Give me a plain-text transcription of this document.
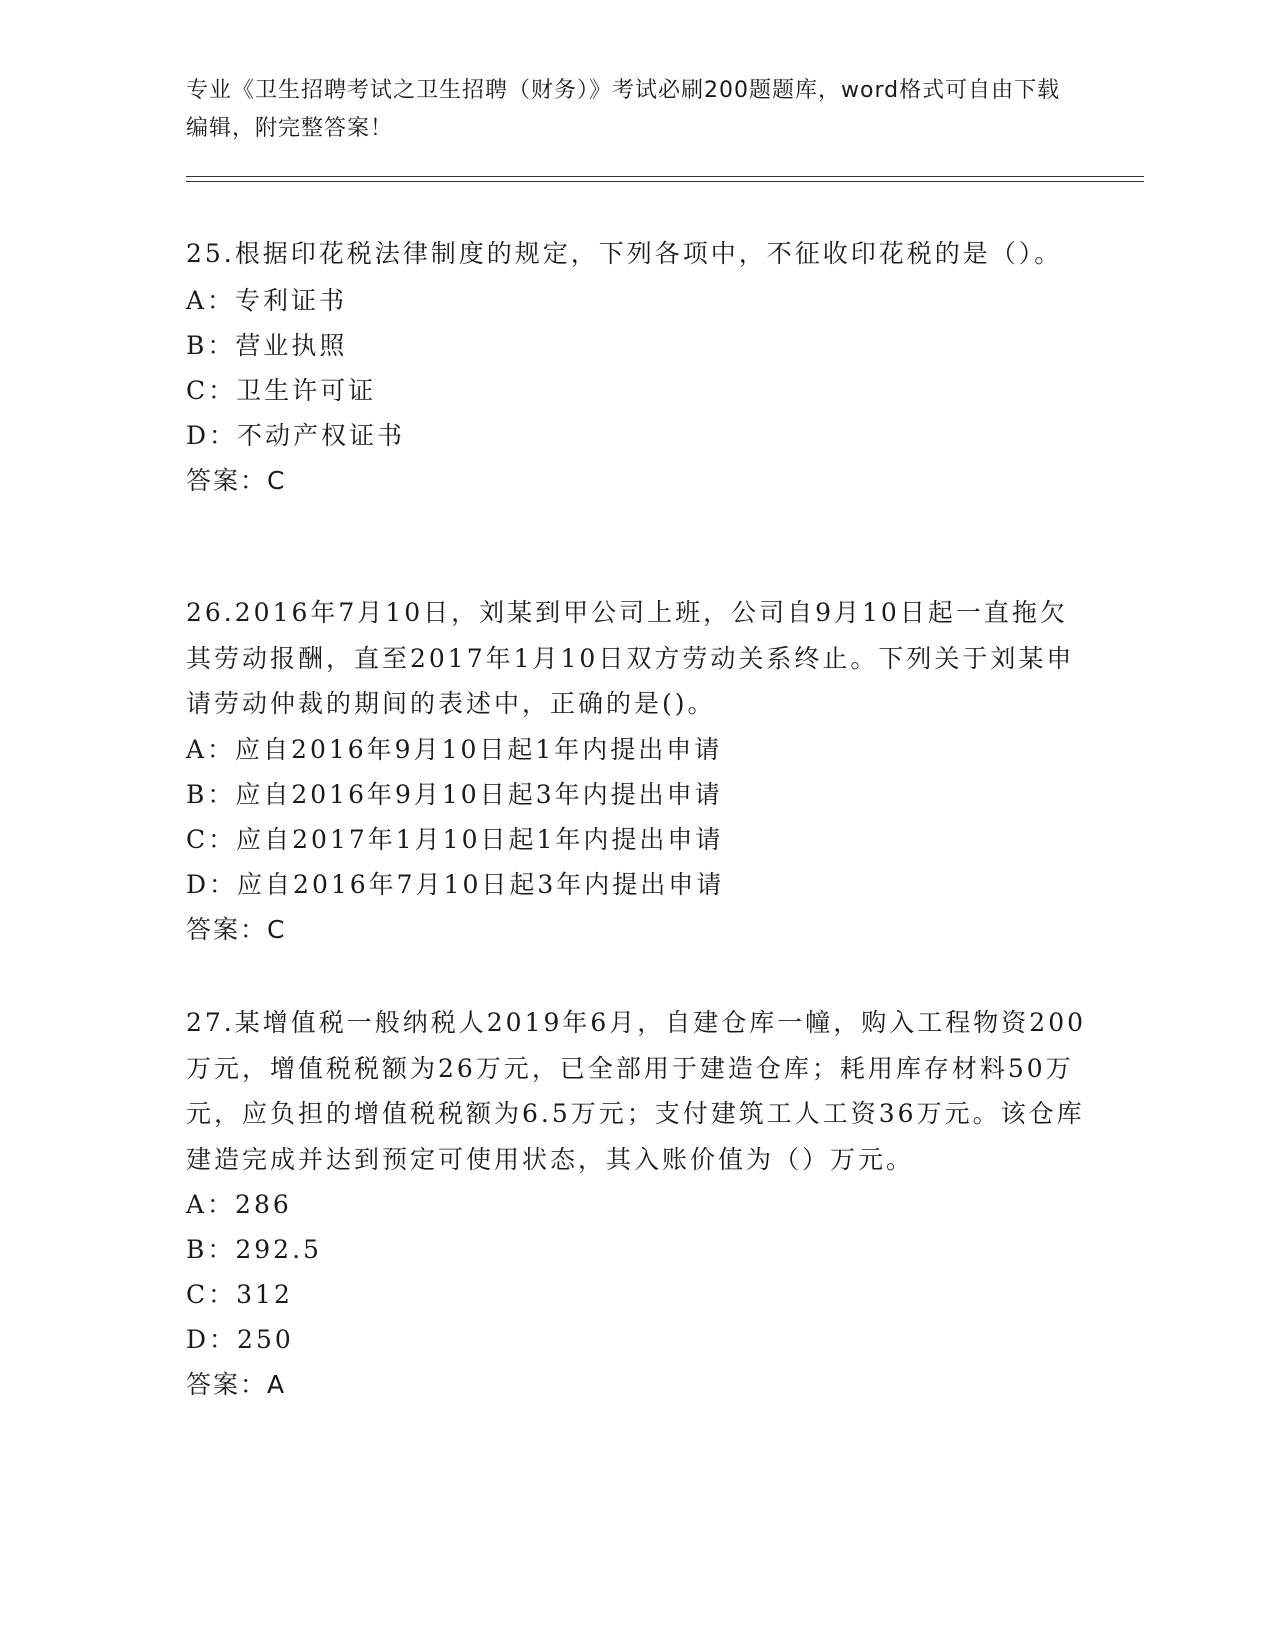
专业《卫生招聘考试之卫生招聘（财务）》考试必刷200题题库，word格式可自由下载编辑，附完整答案！

25.根据印花税法律制度的规定，下列各项中，不征收印花税的是（）。

A：专利证书
B：营业执照
C：卫生许可证
D：不动产权证书
答案：C

26.2016年7月10日，刘某到甲公司上班，公司自9月10日起一直拖欠其劳动报酬，直至2017年1月10日双方劳动关系终止。下列关于刘某申请劳动仲裁的期间的表述中，正确的是()。

A：应自2016年9月10日起1年内提出申请
B：应自2016年9月10日起3年内提出申请
C：应自2017年1月10日起1年内提出申请
D：应自2016年7月10日起3年内提出申请
答案：C

27.某增值税一般纳税人2019年6月，自建仓库一幢，购入工程物资200万元，增值税税额为26万元，已全部用于建造仓库；耗用库存材料50万元，应负担的增值税税额为6.5万元；支付建筑工人工资36万元。该仓库建造完成并达到预定可使用状态，其入账价值为（）万元。

A：286
B：292.5
C：312
D：250
答案：A
